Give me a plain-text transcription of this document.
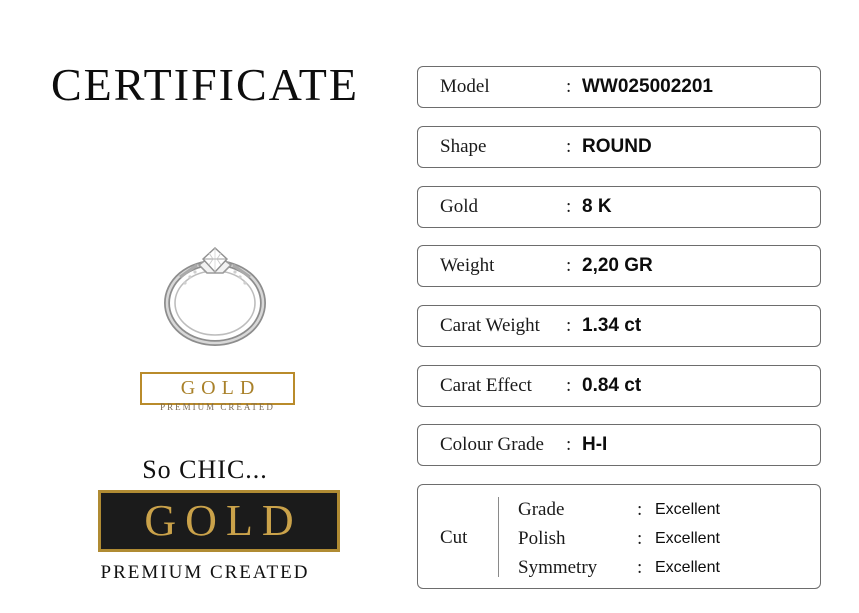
CERTIFICATE
GOLD
PREMIUM CREATED
So CHIC...
GOLD
PREMIUM CREATED
Model	: WW025002201
Shape	: ROUND
Gold	: 8 K
Weight	: 2,20 GR
Carat Weight : 1.34 ct
Carat Effect : 0.84 ct
Colour Grade : H-I
Cut
Grade	: Excellent
Polish	: Excellent
Symmetry : Excellent
